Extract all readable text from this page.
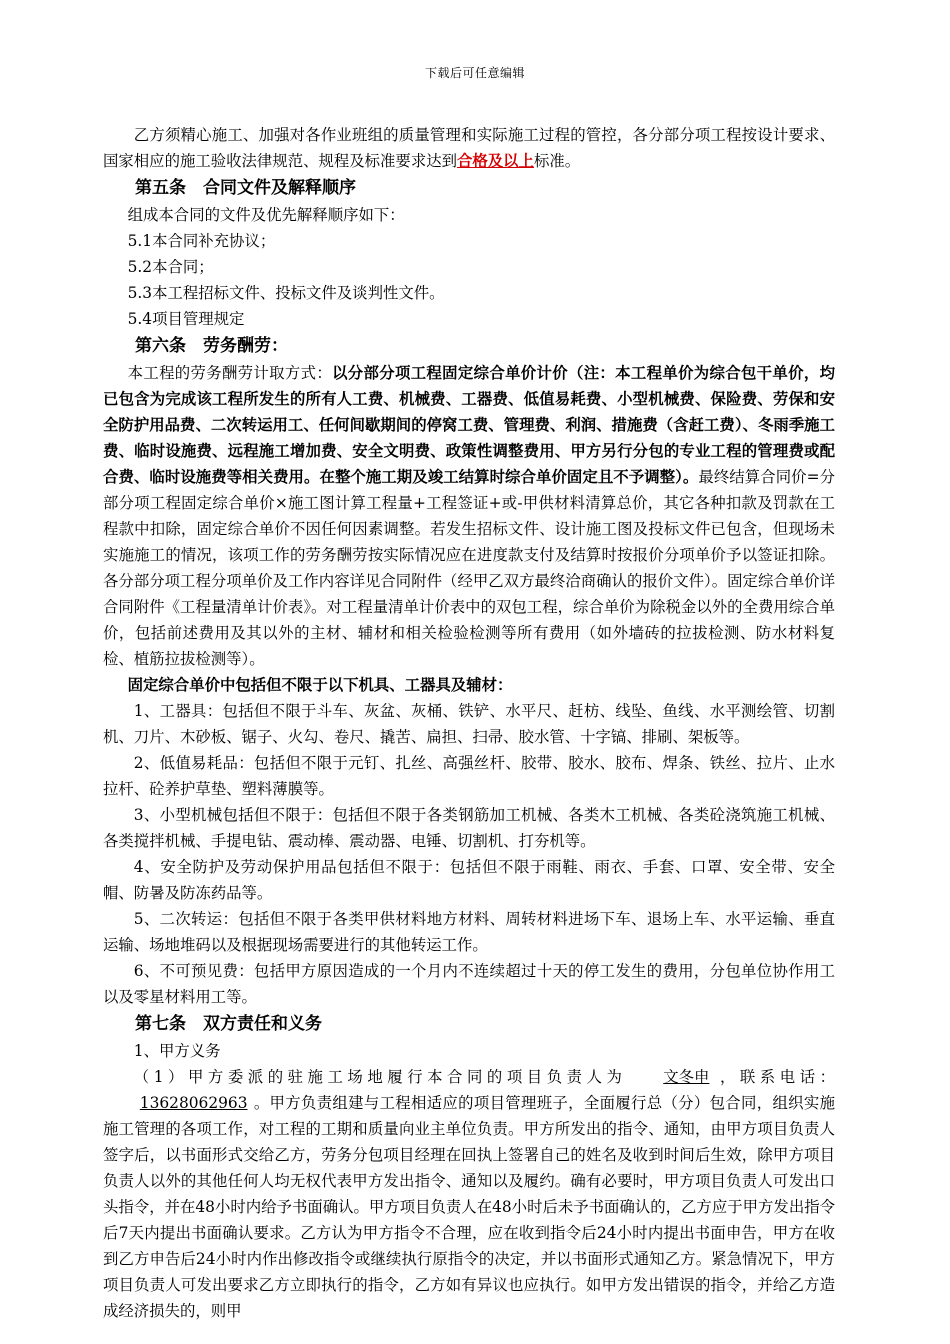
下载后可任意编辑

乙方须精心施工、加强对各作业班组的质量管理和实际施工过程的管控，各分部分项工程按设计要求、国家相应的施工验收法律规范、规程及标准要求达到合格及以上标准。

第五条　合同文件及解释顺序

组成本合同的文件及优先解释顺序如下：

5.1本合同补充协议；

5.2本合同；

5.3本工程招标文件、投标文件及谈判性文件。

5.4项目管理规定

第六条　劳务酬劳：

本工程的劳务酬劳计取方式：以分部分项工程固定综合单价计价（注：本工程单价为综合包干单价，均已包含为完成该工程所发生的所有人工费、机械费、工器费、低值易耗费、小型机械费、保险费、劳保和安全防护用品费、二次转运用工、任何间歇期间的停窝工费、管理费、利润、措施费（含赶工费）、冬雨季施工费、临时设施费、远程施工增加费、安全文明费、政策性调整费用、甲方另行分包的专业工程的管理费或配合费、临时设施费等相关费用。在整个施工期及竣工结算时综合单价固定且不予调整）。最终结算合同价=分部分项工程固定综合单价×施工图计算工程量+工程签证+或-甲供材料清算总价，其它各种扣款及罚款在工程款中扣除，固定综合单价不因任何因素调整。若发生招标文件、设计施工图及投标文件已包含，但现场未实施施工的情况，该项工作的劳务酬劳按实际情况应在进度款支付及结算时按报价分项单价予以签证扣除。各分部分项工程分项单价及工作内容详见合同附件（经甲乙双方最终洽商确认的报价文件）。固定综合单价详合同附件《工程量清单计价表》。对工程量清单计价表中的双包工程，综合单价为除税金以外的全费用综合单价，包括前述费用及其以外的主材、辅材和相关检验检测等所有费用（如外墙砖的拉拔检测、防水材料复检、植筋拉拔检测等）。

固定综合单价中包括但不限于以下机具、工器具及辅材：

1、工器具：包括但不限于斗车、灰盆、灰桶、铁铲、水平尺、赶枋、线坠、鱼线、水平测绘管、切割机、刀片、木砂板、锯子、火勾、卷尺、撬苦、扁担、扫帚、胶水管、十字镐、排刷、架板等。

2、低值易耗品：包括但不限于元钉、扎丝、高强丝杆、胶带、胶水、胶布、焊条、铁丝、拉片、止水拉杆、砼养护草垫、塑料薄膜等。

3、小型机械包括但不限于：包括但不限于各类钢筋加工机械、各类木工机械、各类砼浇筑施工机械、各类搅拌机械、手提电钻、震动棒、震动器、电锤、切割机、打夯机等。

4、安全防护及劳动保护用品包括但不限于：包括但不限于雨鞋、雨衣、手套、口罩、安全带、安全帽、防暑及防冻药品等。

5、二次转运：包括但不限于各类甲供材料地方材料、周转材料进场下车、退场上车、水平运输、垂直运输、场地堆码以及根据现场需要进行的其他转运工作。

6、不可预见费：包括甲方原因造成的一个月内不连续超过十天的停工发生的费用，分包单位协作用工以及零星材料用工等。

第七条　双方责任和义务

1、甲方义务

（1）甲方委派的驻施工场地履行本合同的项目负责人为 文冬申 ，联系电话：13628062963 。甲方负责组建与工程相适应的项目管理班子，全面履行总（分）包合同，组织实施施工管理的各项工作，对工程的工期和质量向业主单位负责。甲方所发出的指令、通知，由甲方项目负责人签字后，以书面形式交给乙方，劳务分包项目经理在回执上签署自己的姓名及收到时间后生效，除甲方项目负责人以外的其他任何人均无权代表甲方发出指令、通知以及履约。确有必要时，甲方项目负责人可发出口头指令，并在48小时内给予书面确认。甲方项目负责人在48小时后未予书面确认的，乙方应于甲方发出指令后7天内提出书面确认要求。乙方认为甲方指令不合理，应在收到指令后24小时内提出书面申告，甲方在收到乙方申告后24小时内作出修改指令或继续执行原指令的决定，并以书面形式通知乙方。紧急情况下，甲方项目负责人可发出要求乙方立即执行的指令，乙方如有异议也应执行。如甲方发出错误的指令，并给乙方造成经济损失的，则甲
